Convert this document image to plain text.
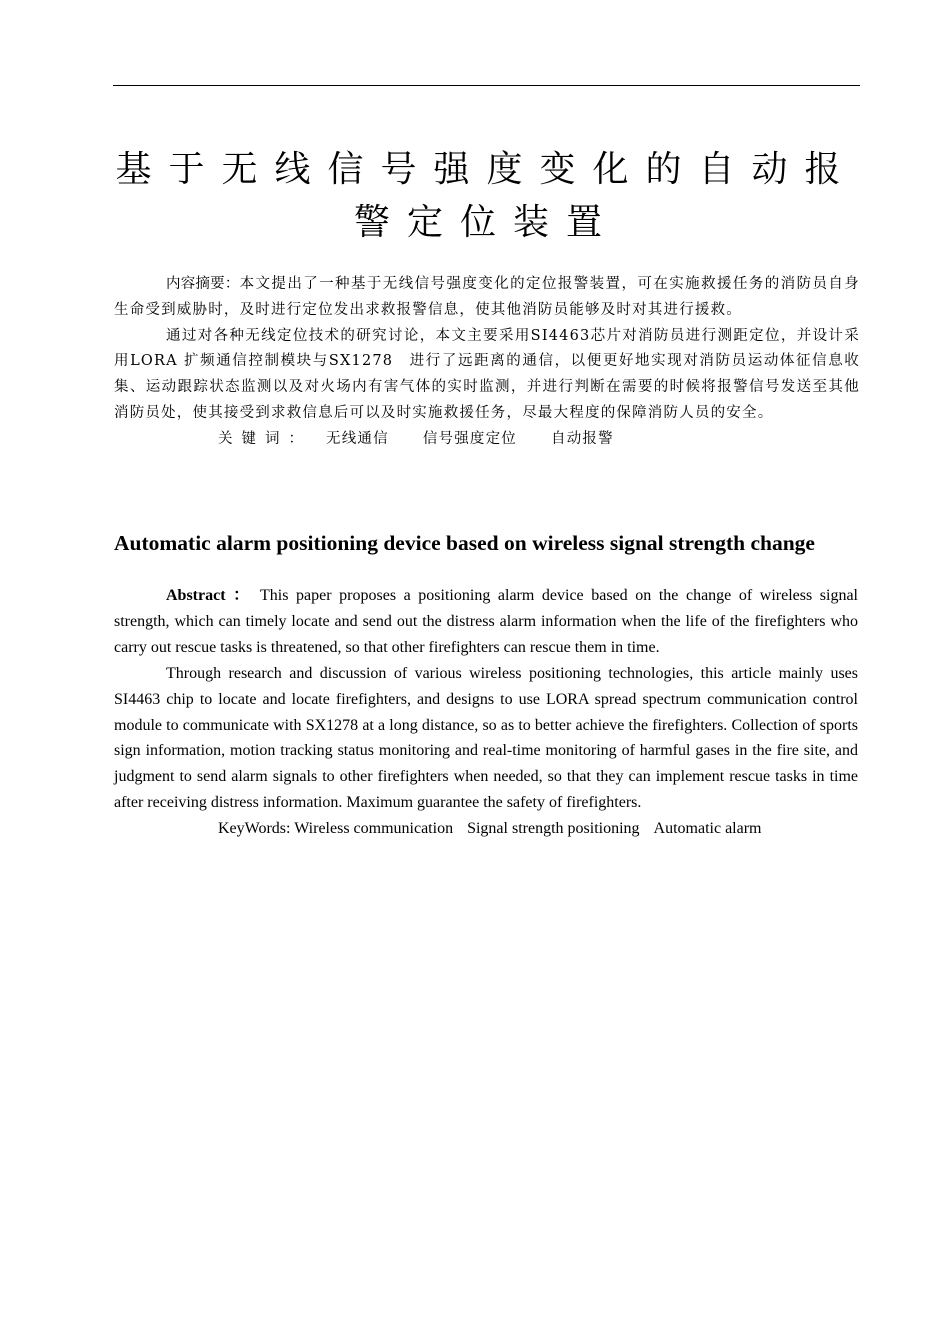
基于无线信号强度变化的自动报
警定位装置

内容摘要：本文提出了一种基于无线信号强度变化的定位报警装置，可在实施救援任务的消防员自身生命受到威胁时，及时进行定位发出求救报警信息，使其他消防员能够及时对其进行援救。

通过对各种无线定位技术的研究讨论，本文主要采用SI4463芯片对消防员进行测距定位，并设计采用LORA 扩频通信控制模块与SX1278　进行了远距离的通信，以便更好地实现对消防员运动体征信息收集、运动跟踪状态监测以及对火场内有害气体的实时监测，并进行判断在需要的时候将报警信号发送至其他消防员处，使其接受到求救信息后可以及时实施救援任务，尽最大程度的保障消防人员的安全。

关键词： 无线通信 信号强度定位 自动报警

Automatic alarm positioning device based on wireless signal strength change

Abstract ： This paper proposes a positioning alarm device based on the change of wireless signal strength, which can timely locate and send out the distress alarm information when the life of the firefighters who carry out rescue tasks is threatened, so that other firefighters can rescue them in time.

Through research and discussion of various wireless positioning technologies, this article mainly uses SI4463 chip to locate and locate firefighters, and designs to use LORA spread spectrum communication control module to communicate with SX1278 at a long distance, so as to better achieve the firefighters. Collection of sports sign information, motion tracking status monitoring and real-time monitoring of harmful gases in the fire site, and judgment to send alarm signals to other firefighters when needed, so that they can implement rescue tasks in time after receiving distress information. Maximum guarantee the safety of firefighters.

KeyWords: Wireless communication Signal strength positioning Automatic alarm
